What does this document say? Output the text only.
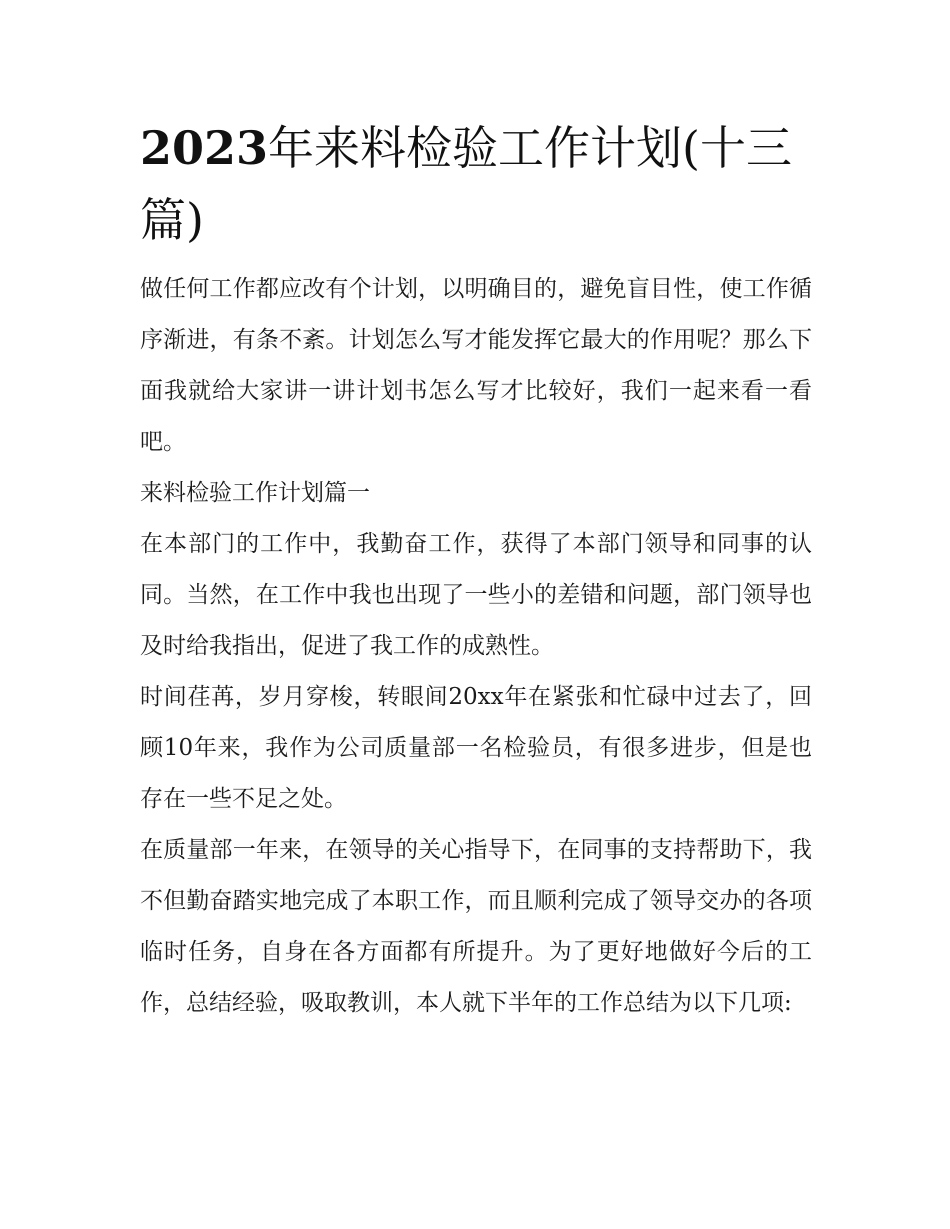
2023年来料检验工作计划(十三篇)

做任何工作都应改有个计划，以明确目的，避免盲目性，使工作循序渐进，有条不紊。计划怎么写才能发挥它最大的作用呢？那么下面我就给大家讲一讲计划书怎么写才比较好，我们一起来看一看吧。

来料检验工作计划篇一

在本部门的工作中，我勤奋工作，获得了本部门领导和同事的认同。当然，在工作中我也出现了一些小的差错和问题，部门领导也及时给我指出，促进了我工作的成熟性。

时间荏苒，岁月穿梭，转眼间20xx年在紧张和忙碌中过去了，回顾10年来，我作为公司质量部一名检验员，有很多进步，但是也存在一些不足之处。

在质量部一年来，在领导的关心指导下，在同事的支持帮助下，我不但勤奋踏实地完成了本职工作，而且顺利完成了领导交办的各项临时任务，自身在各方面都有所提升。为了更好地做好今后的工作，总结经验，吸取教训，本人就下半年的工作总结为以下几项:
